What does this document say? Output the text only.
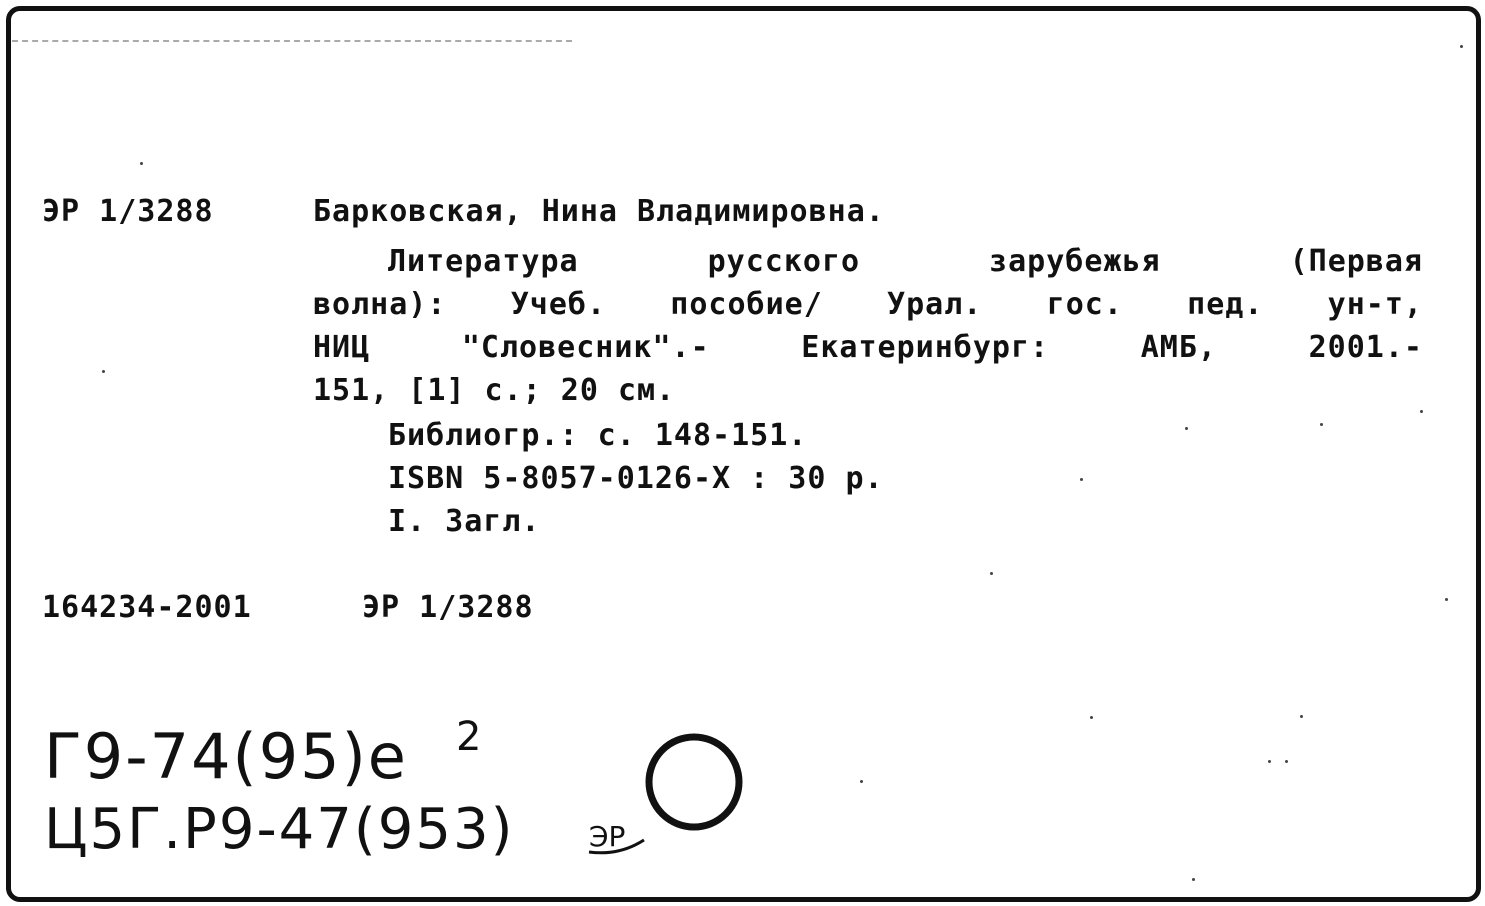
ЭР 1/3288	Барковская, Нина Владимировна.
Литература русского зарубежья (Первая
волна): Учеб. пособие/ Урал. гос. пед. ун-т,
НИЦ "Словесник".- Екатеринбург: АМБ, 2001.-
151, [1] с.; 20 см.
Библиогр.: с. 148-151.
ISBN 5-8057-0126-X : 30 р.
I. Загл.
164234-2001	ЭР 1/3288
Г9-74(95)е 2
Ц5Г.Р9-47(953)	ЭР
